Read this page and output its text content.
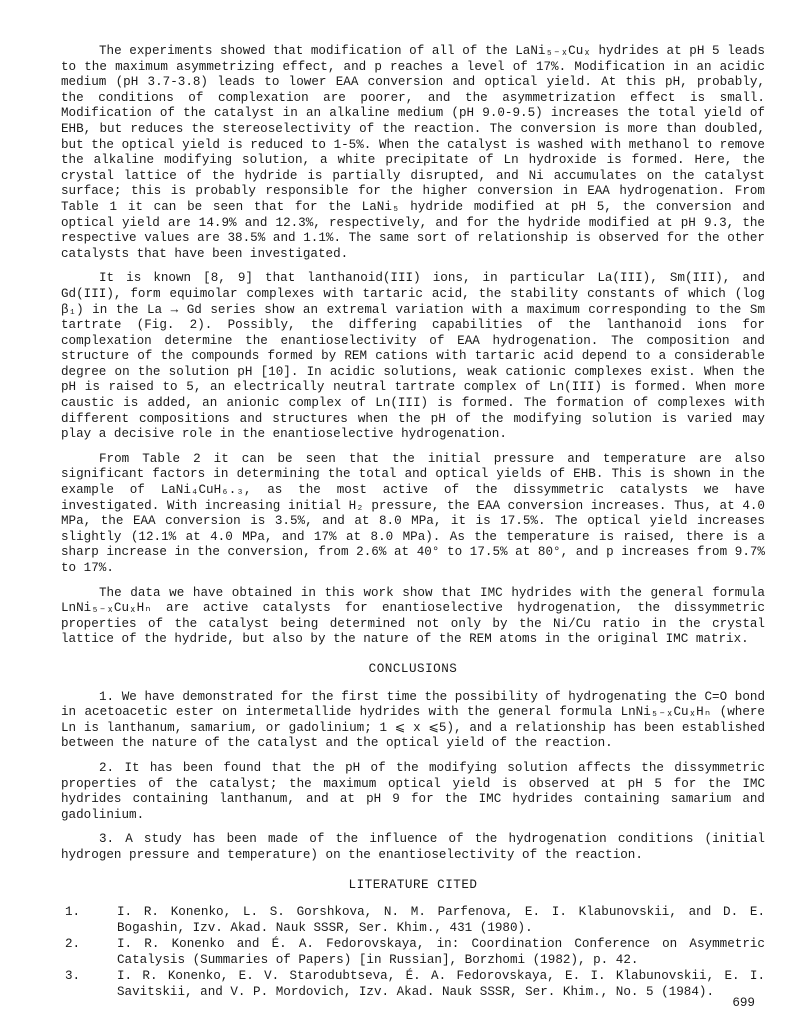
The experiments showed that modification of all of the LaNi₅₋ₓCuₓ hydrides at pH 5 leads to the maximum asymmetrizing effect, and p reaches a level of 17%. Modification in an acidic medium (pH 3.7-3.8) leads to lower EAA conversion and optical yield. At this pH, probably, the conditions of complexation are poorer, and the asymmetrization effect is small. Modification of the catalyst in an alkaline medium (pH 9.0-9.5) increases the total yield of EHB, but reduces the stereoselectivity of the reaction. The conversion is more than doubled, but the optical yield is reduced to 1-5%. When the catalyst is washed with methanol to remove the alkaline modifying solution, a white precipitate of Ln hydroxide is formed. Here, the crystal lattice of the hydride is partially disrupted, and Ni accumulates on the catalyst surface; this is probably responsible for the higher conversion in EAA hydrogenation. From Table 1 it can be seen that for the LaNi₅ hydride modified at pH 5, the conversion and optical yield are 14.9% and 12.3%, respectively, and for the hydride modified at pH 9.3, the respective values are 38.5% and 1.1%. The same sort of relationship is observed for the other catalysts that have been investigated.

It is known [8, 9] that lanthanoid(III) ions, in particular La(III), Sm(III), and Gd(III), form equimolar complexes with tartaric acid, the stability constants of which (log β₁) in the La → Gd series show an extremal variation with a maximum corresponding to the Sm tartrate (Fig. 2). Possibly, the differing capabilities of the lanthanoid ions for complexation determine the enantioselectivity of EAA hydrogenation. The composition and structure of the compounds formed by REM cations with tartaric acid depend to a considerable degree on the solution pH [10]. In acidic solutions, weak cationic complexes exist. When the pH is raised to 5, an electrically neutral tartrate complex of Ln(III) is formed. When more caustic is added, an anionic complex of Ln(III) is formed. The formation of complexes with different compositions and structures when the pH of the modifying solution is varied may play a decisive role in the enantioselective hydrogenation.

From Table 2 it can be seen that the initial pressure and temperature are also significant factors in determining the total and optical yields of EHB. This is shown in the example of LaNi₄CuH₆.₃, as the most active of the dissymmetric catalysts we have investigated. With increasing initial H₂ pressure, the EAA conversion increases. Thus, at 4.0 MPa, the EAA conversion is 3.5%, and at 8.0 MPa, it is 17.5%. The optical yield increases slightly (12.1% at 4.0 MPa, and 17% at 8.0 MPa). As the temperature is raised, there is a sharp increase in the conversion, from 2.6% at 40° to 17.5% at 80°, and p increases from 9.7% to 17%.

The data we have obtained in this work show that IMC hydrides with the general formula LnNi₅₋ₓCuₓHₙ are active catalysts for enantioselective hydrogenation, the dissymmetric properties of the catalyst being determined not only by the Ni/Cu ratio in the crystal lattice of the hydride, but also by the nature of the REM atoms in the original IMC matrix.

CONCLUSIONS

1. We have demonstrated for the first time the possibility of hydrogenating the C=O bond in acetoacetic ester on intermetallide hydrides with the general formula LnNi₅₋ₓCuₓHₙ (where Ln is lanthanum, samarium, or gadolinium; 1 ⩽ x ⩽5), and a relationship has been established between the nature of the catalyst and the optical yield of the reaction.

2. It has been found that the pH of the modifying solution affects the dissymmetric properties of the catalyst; the maximum optical yield is observed at pH 5 for the IMC hydrides containing lanthanum, and at pH 9 for the IMC hydrides containing samarium and gadolinium.

3. A study has been made of the influence of the hydrogenation conditions (initial hydrogen pressure and temperature) on the enantioselectivity of the reaction.

LITERATURE CITED
1.	I. R. Konenko, L. S. Gorshkova, N. M. Parfenova, E. I. Klabunovskii, and D. E. Bogashin, Izv. Akad. Nauk SSSR, Ser. Khim., 431 (1980).
2.	I. R. Konenko and É. A. Fedorovskaya, in: Coordination Conference on Asymmetric Catalysis (Summaries of Papers) [in Russian], Borzhomi (1982), p. 42.
3.	I. R. Konenko, E. V. Starodubtseva, É. A. Fedorovskaya, E. I. Klabunovskii, E. I. Savitskii, and V. P. Mordovich, Izv. Akad. Nauk SSSR, Ser. Khim., No. 5 (1984).
699
